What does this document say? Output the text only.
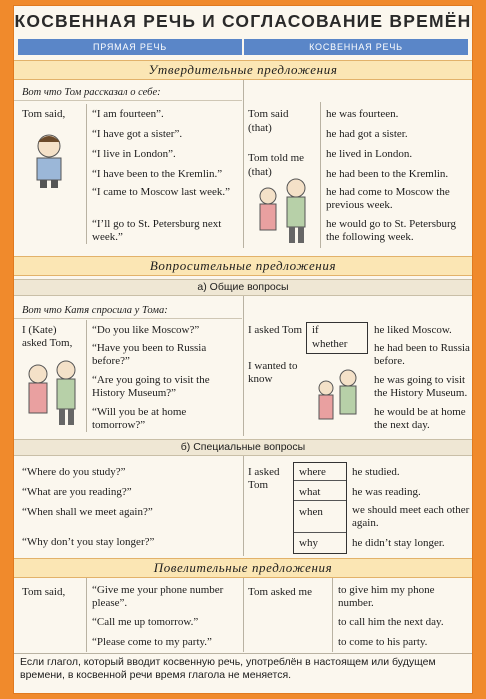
КОСВЕННАЯ РЕЧЬ И СОГЛАСОВАНИЕ ВРЕМЁН
ПРЯМАЯ РЕЧЬ	КОСВЕННАЯ РЕЧЬ
Утвердительные предложения
Вот что Том рассказал о себе:
Tom said, “I am fourteen”.
“I have got a sister”.
“I live in London”.
“I have been to the Kremlin.”
“I came to Moscow last week.”
“I’ll go to St. Petersburg next week.”
Tom said
(that)
Tom told me
(that)
he was fourteen.
he had got a sister.
he lived in London.
he had been to the Kremlin.
he had come to Moscow the previous week.
he would go to St. Petersburg the following week.
Вопросительные предложения
а) Общие вопросы
Вот что Катя спросила у Тома:
I (Kate) asked Tom,
“Do you like Moscow?”
“Have you been to Russia before?”
“Are you going to visit the History Museum?”
“Will you be at home tomorrow?”
I asked Tom
I wanted to know
if
whether
he liked Moscow.
he had been to Russia before.
he was going to visit the History Museum.
he would be at home the next day.
б) Специальные вопросы
“Where do you study?”
“What are you reading?”
“When shall we meet again?”
“Why don’t you stay longer?”
I asked Tom
where
what
when
why
he studied.
he was reading.
we should meet each other again.
he didn’t stay longer.
Повелительные предложения
Tom said, “Give me your phone number please”.
“Call me up tomorrow.”
“Please come to my party.”
Tom asked me to give him my phone number.
to call him the next day.
to come to his party.
Если глагол, который вводит косвенную речь, употреблён в настоящем или будущем времени, в косвенной речи время глагола не меняется.
